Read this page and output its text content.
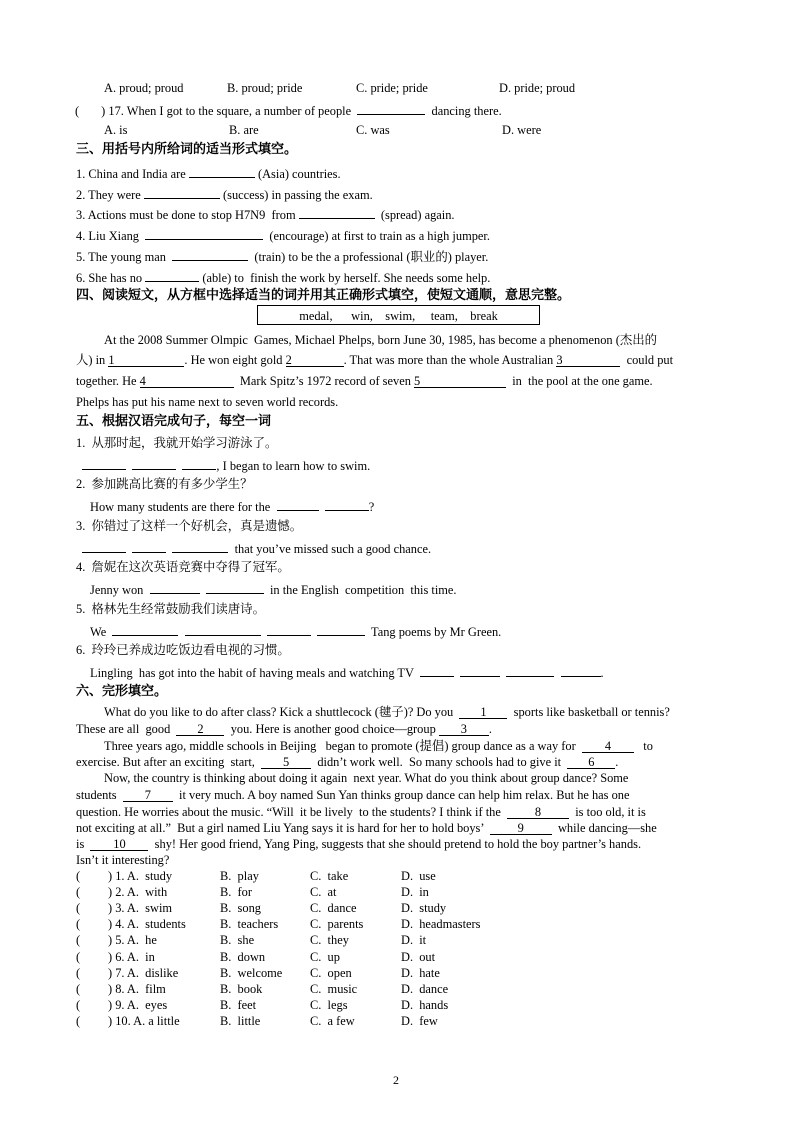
A. proud; proud	B. proud; pride	C. pride; pride	D. pride; proud
( ) 17. When I got to the square, a number of people	dancing there.
A. is	B. are	C. was	D. were
三、用括号内所给词的适当形式填空。
1. China and India are	(Asia) countries.
2. They were	(success) in passing the exam.
3. Actions must be done to stop H7N9  from	(spread) again.
4. Liu Xiang	(encourage) at first to train as a high jumper.
5. The young man	(train) to be the a professional (职业的) player.
6. She has no	(able) to  finish the work by herself. She needs some help.
四、阅读短文，从方框中选择适当的词并用其正确形式填空，使短文通顺，意思完整。
medal,      win,    swim,     team,    break
At the 2008 Summer Olmpic  Games, Michael Phelps, born June 30, 1985, has become a phenomenon (杰出的
人) in 1	. He won eight gold 2	. That was more than the whole Australian 3	could put
together. He 4	Mark Spitz’s 1972 record of seven 5	in  the pool at the one game.
Phelps has put his name next to seven world records.
五、根据汉语完成句子，每空一词
1.  从那时起，我就开始学习游泳了。
, I began to learn how to swim.
2.  参加跳高比赛的有多少学生？
How many students are there for the	?
3.  你错过了这样一个好机会，真是遗憾。
that you’ve missed such a good chance.
4.  詹妮在这次英语竞赛中夺得了冠军。
Jenny won	in the English  competition  this time.
5.  格林先生经常鼓励我们读唐诗。
We	Tang poems by Mr Green.
6.  玲玲已养成边吃饭边看电视的习惯。
Lingling  has got into the habit of having meals and watching TV	.
六、完形填空。
What do you like to do after class? Kick a shuttlecock (毽子)? Do you 1 sports like basketball or tennis?
These are all  good 2 you. Here is another good choice—group 3 .
Three years ago, middle schools in Beijing   began to promote (提倡) group dance as a way for 4	to
exercise. But after an exciting  start, 5 didn’t work well.  So many schools had to give it 6 .
Now, the country is thinking about doing it again  next year. What do you think about group dance? Some
students 7 it very much. A boy named Sun Yan thinks group dance can help him relax. But he has one
question. He worries about the music. “Will  it be lively  to the students? I think if the	8	is too old, it is
not exciting at all.”  But a girl named Liu Yang says it is hard for her to hold boys’	9	while dancing—she
is 10 shy! Her good friend, Yang Ping, suggests that she should pretend to hold the boy partner’s hands.
Isn’t it interesting?
( ) 1. A.  study	B.  play	C.  take	D.  use
( ) 2. A.  with	B.  for	C.  at	D.  in
( ) 3. A.  swim	B.  song	C.  dance	D.  study
( ) 4. A.  students	B.  teachers	C.  parents	D.  headmasters
( ) 5. A.  he	B.  she	C.  they	D.  it
( ) 6. A.  in	B.  down	C.  up	D.  out
( ) 7. A.  dislike	B.  welcome C.  open	D.  hate
( ) 8. A.  film	B.  book	C.  music	D.  dance
( ) 9. A.  eyes	B.  feet	C.  legs	D.  hands
( ) 10. A. a little	B.  little	C.  a few	D.  few
2
